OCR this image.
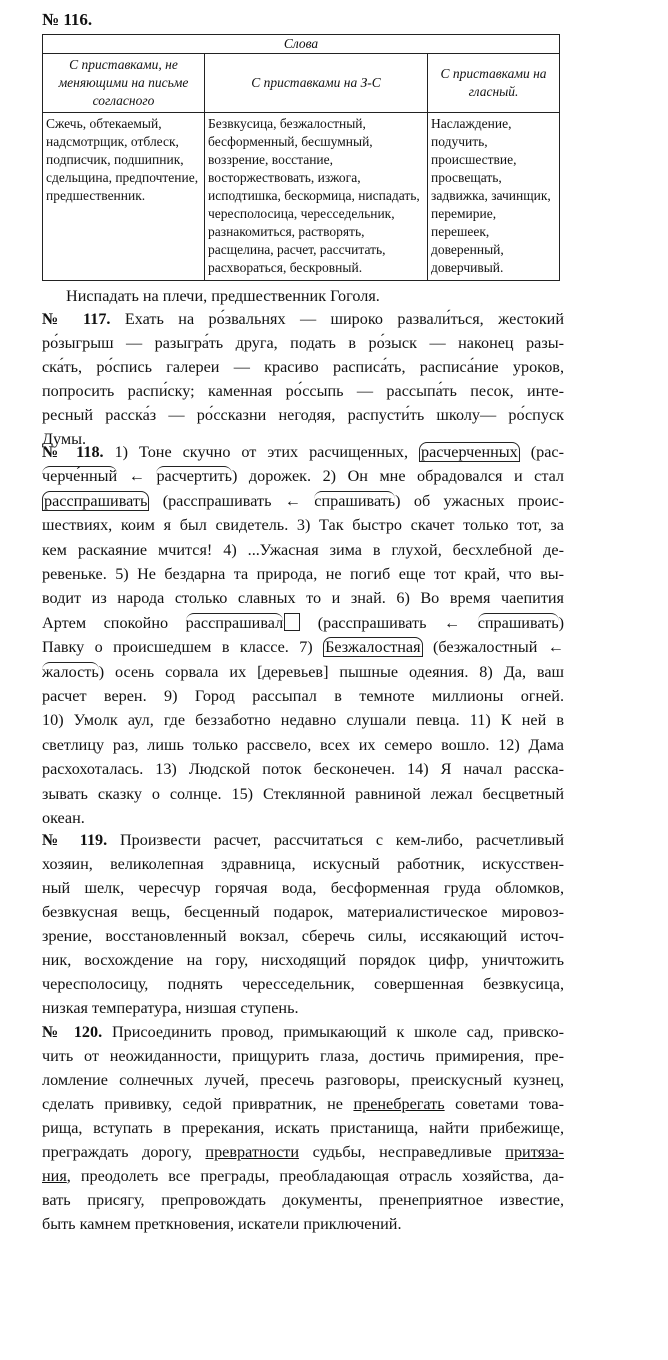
№ 116.
Слова		
С приставками, не меняющими на письме согласного	С приставками на З-С	С приставками на гласный.
Сжечь, обтекаемый, надсмотрщик, отблеск, подписчик, подшипник, сдельщина, предпочтение, предшественник.	Безвкусица, безжалостный, бесформенный, бесшумный, воззрение, восстание, восторжествовать, изжога, исподтишка, бескормица, ниспадать, чересполосица, чересседельник, разнакомиться, растворять, расщелина, расчет, рассчитать, расхвораться, бескровный.	Наслаждение, подучить, происшествие, просвещать, задвижка, зачинщик, перемирие, перешеек, доверенный, доверчивый.
Ниспадать на плечи, предшественник Гоголя.
№ 117. Ехать на ро́звальнях — широко развали́ться, жестокий
ро́зыгрыш — разыгра́ть друга, подать в ро́зыск — наконец разы-
ска́ть, ро́спись галереи — красиво расписа́ть, расписа́ние уроков,
попросить распи́ску; каменная ро́ссыпь — рассыпа́ть песок, инте-
ресный расска́з — ро́ссказни негодяя, распусти́ть школу— ро́спуск
Думы.
№ 118. 1) Тоне скучно от этих расчищенных, расчерченных (рас-
черче́нный ← расчертить) дорожек. 2) Он мне обрадовался и стал
расспрашивать (расспрашивать ← спрашивать) об ужасных проис-
шествиях, коим я был свидетель. 3) Так быстро скачет только тот, за
кем раскаяние мчится! 4) ...Ужасная зима в глухой, бесхлебной де-
ревеньке. 5) Не бездарна та природа, не погиб еще тот край, что вы-
водит из народа столько славных то и знай. 6) Во время чаепития
Артем спокойно расспрашивал (расспрашивать ← спрашивать)
Павку о происшедшем в классе. 7) Безжалостная (безжалостный ←
жалость) осень сорвала их [деревьев] пышные одеяния. 8) Да, ваш
расчет верен. 9) Город рассыпал в темноте миллионы огней.
10) Умолк аул, где беззаботно недавно слушали певца. 11) К ней в
светлицу раз, лишь только рассвело, всех их семеро вошло. 12) Дама
расхохоталась. 13) Людской поток бесконечен. 14) Я начал расска-
зывать сказку о солнце. 15) Стеклянной равниной лежал бесцветный
океан.
№ 119. Произвести расчет, рассчитаться с кем-либо, расчетливый
хозяин, великолепная здравница, искусный работник, искусствен-
ный шелк, чересчур горячая вода, бесформенная груда обломков,
безвкусная вещь, бесценный подарок, материалистическое мировоз-
зрение, восстановленный вокзал, сберечь силы, иссякающий источ-
ник, восхождение на гору, нисходящий порядок цифр, уничтожить
чересполосицу, поднять чересседельник, совершенная безвкусица,
низкая температура, низшая ступень.
№ 120. Присоединить провод, примыкающий к школе сад, привско-
чить от неожиданности, прищурить глаза, достичь примирения, пре-
ломление солнечных лучей, пресечь разговоры, преискусный кузнец,
сделать прививку, седой привратник, не пренебрегать советами това-
рища, вступать в пререкания, искать пристанища, найти прибежище,
преграждать дорогу, превратности судьбы, несправедливые притяза-
ния, преодолеть все преграды, преобладающая отрасль хозяйства, да-
вать присягу, препровождать документы, пренеприятное известие,
быть камнем преткновения, искатели приключений.
